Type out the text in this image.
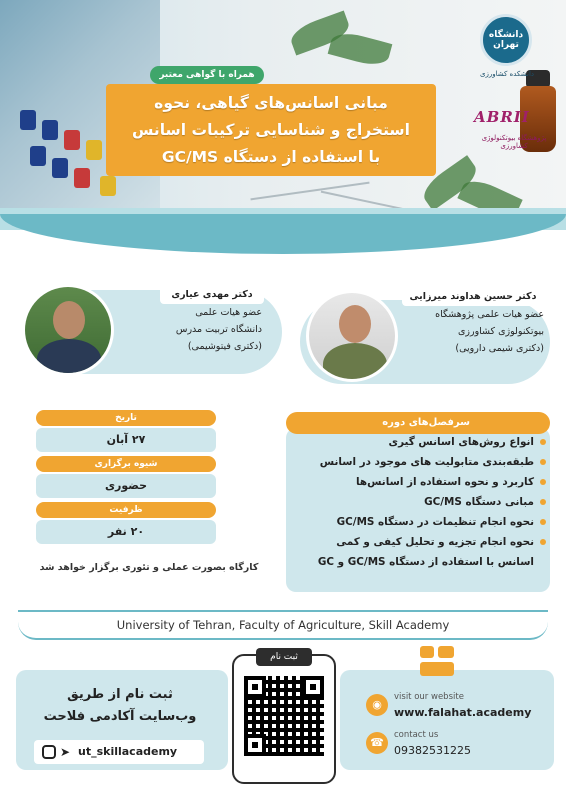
دانشگاه تهران
دانشکده کشاورزی
ABRII
پژوهشگاه بیوتکنولوژی کشاورزی
همراه با گواهی معتبر
مبانی اسانس‌های گیاهی، نحوه
استخراج و شناسایی ترکیبات اسانس
با استفاده از دستگاه GC/MS
دکتر مهدی عیاری
عضو هیات علمی
دانشگاه تربیت مدرس
(دکتری فیتوشیمی)
دکتر حسین هداوند میرزایی
عضو هیات علمی پژوهشگاه
بیوتکنولوژی کشاورزی
(دکتری شیمی دارویی)
تاریخ
۲۷ آبان
شیوه برگزاری
حضوری
ظرفیت
۲۰ نفر
کارگاه بصورت عملی و تئوری برگزار خواهد شد
سرفصل‌های دوره
انواع روش‌های اسانس گیری
طبقه‌بندی متابولیت های موجود در اسانس
کاربرد و نحوه استفاده از اسانس‌ها
مبانی دستگاه GC/MS
نحوه انجام تنظیمات در دستگاه GC/MS
نحوه انجام تجزیه و تحلیل کیفی و کمی
اسانس با استفاده از دستگاه GC/MS و GC
University of Tehran, Faculty of Agriculture, Skill Academy
ثبت نام از طریق
وب‌سایت آکادمی فلاحت
➤ ut_skillacademy
ثبت نام
◉
visit our website
www.falahat.academy
☎
contact us
09382531225
